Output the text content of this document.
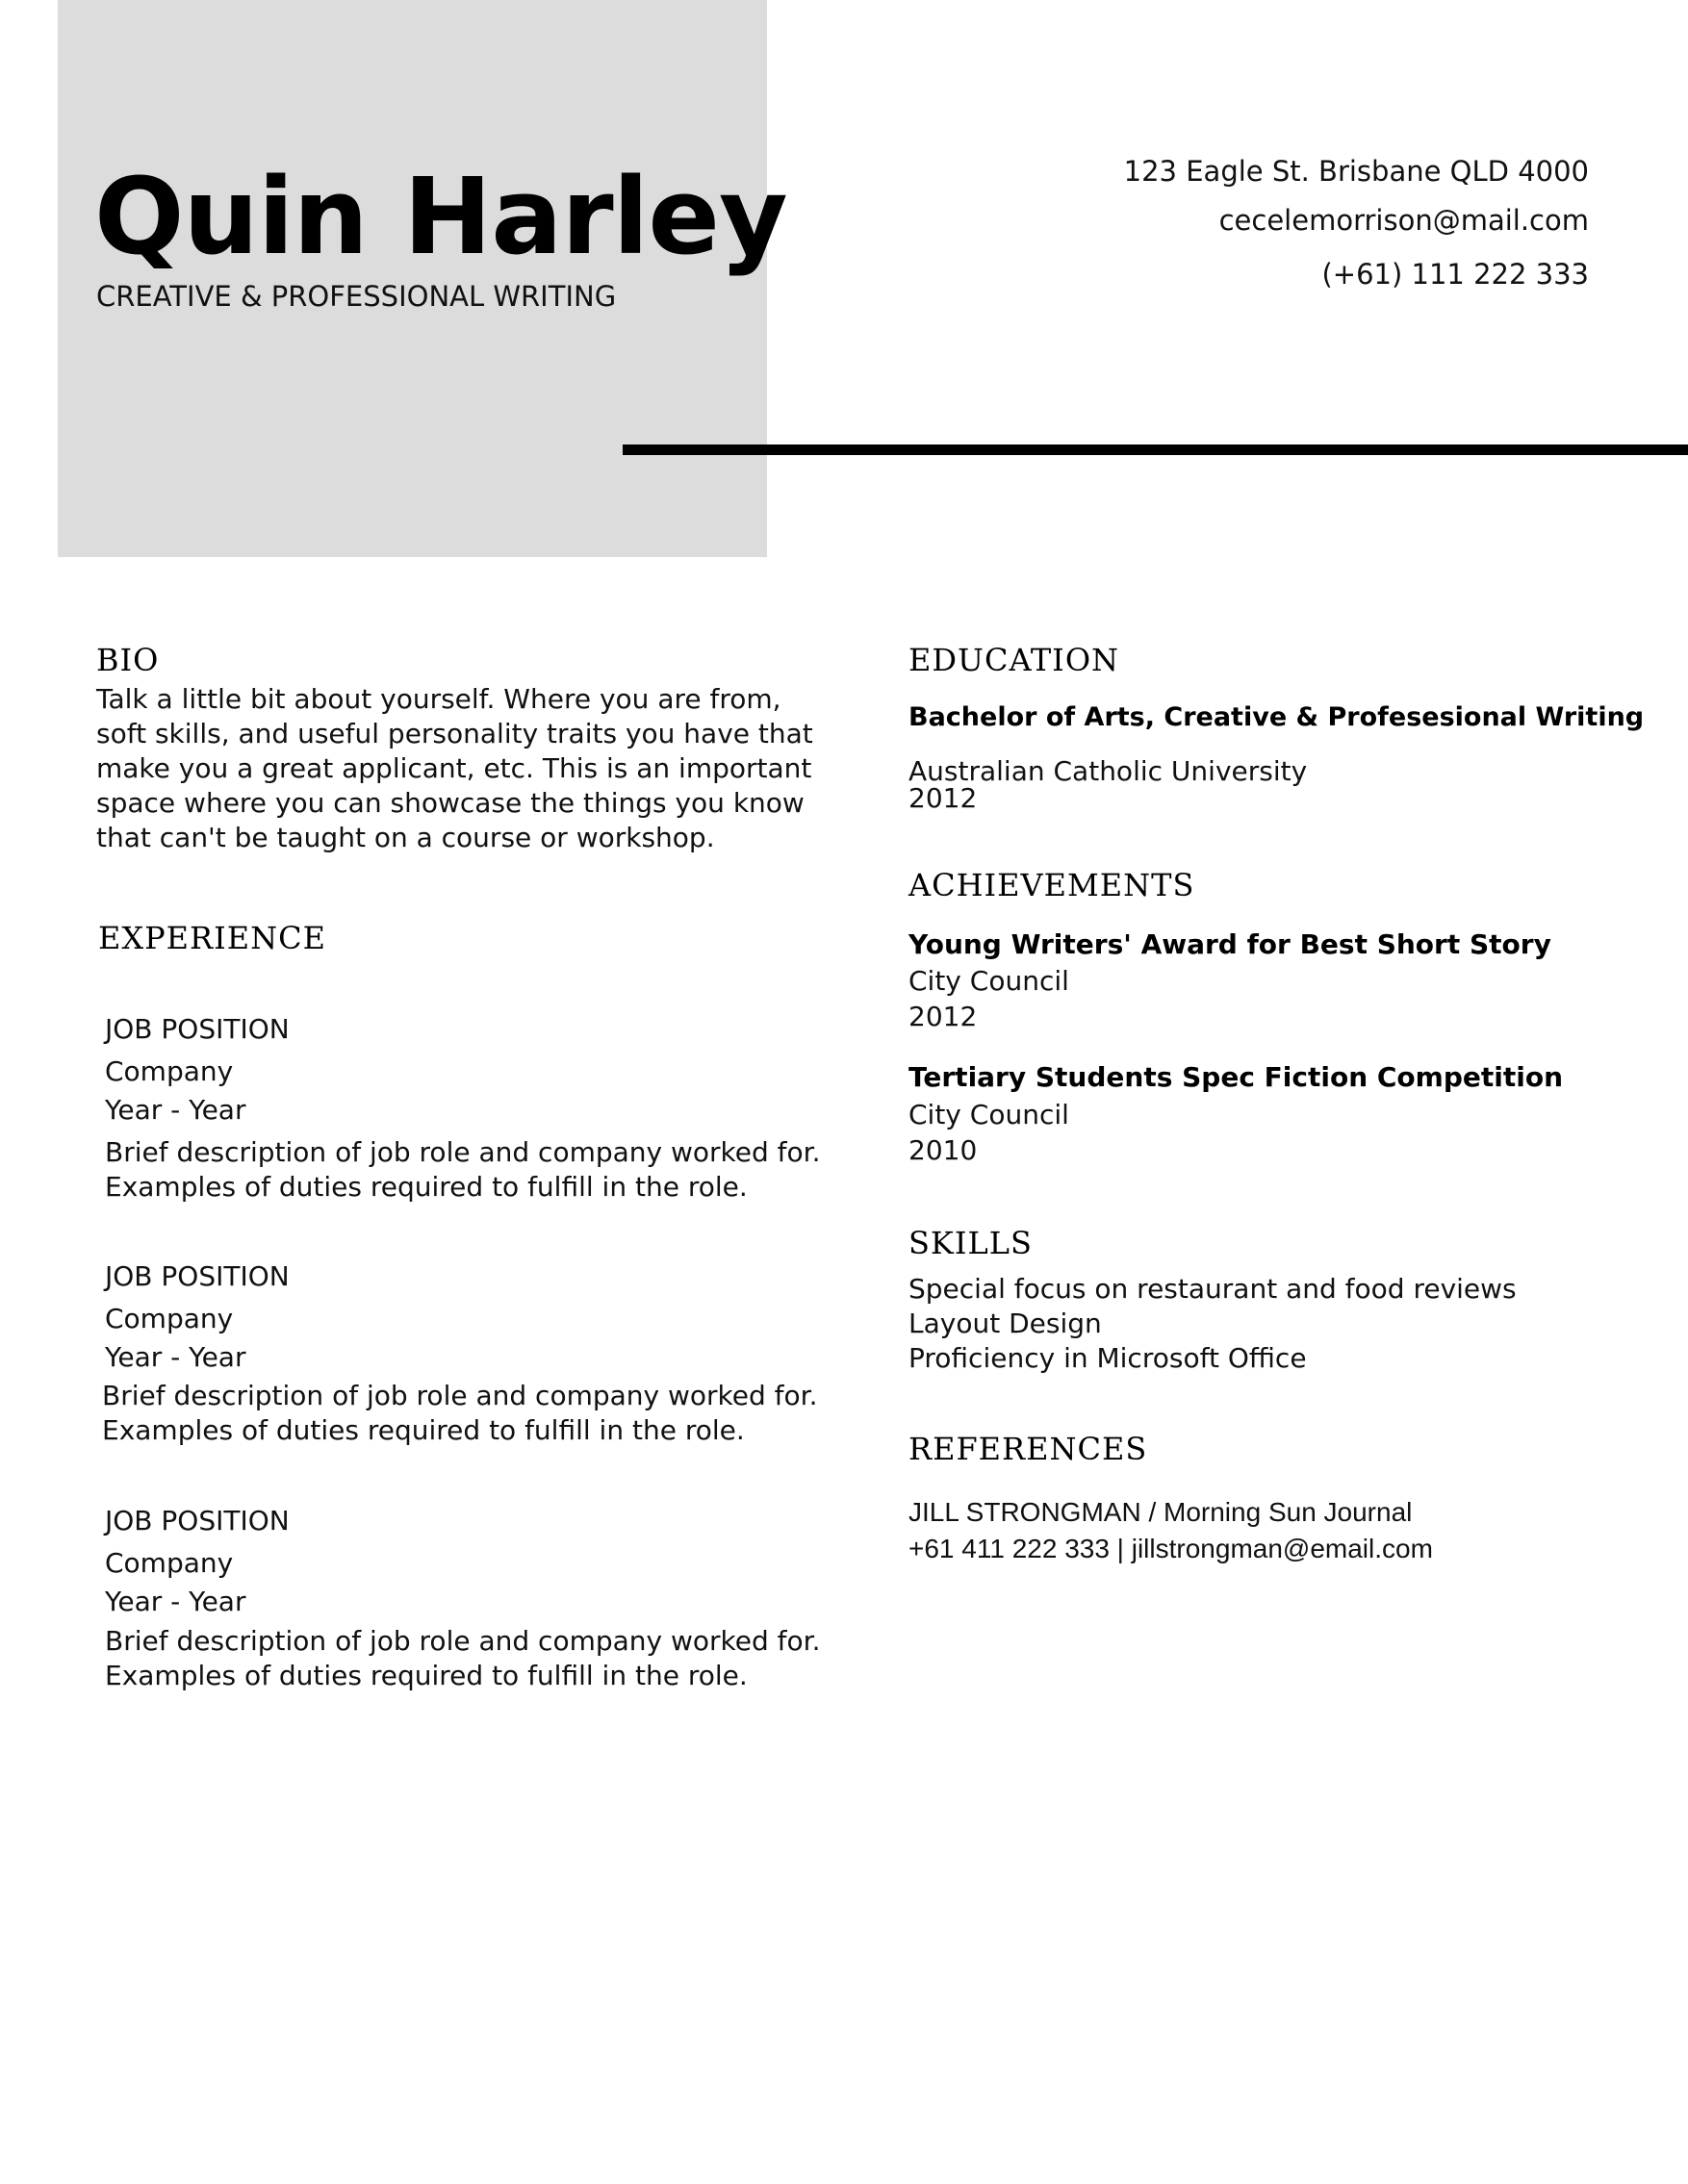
Quin Harley
CREATIVE & PROFESSIONAL WRITING
123 Eagle St. Brisbane QLD 4000
cecelemorrison@mail.com
(+61) 111 222 333
BIO
Talk a little bit about yourself. Where you are from,
soft skills, and useful personality traits you have that
make you a great applicant, etc. This is an important
space where you can showcase the things you know
that can't be taught on a course or workshop.
EXPERIENCE
JOB POSITION
Company
Year - Year
Brief description of job role and company worked for.
Examples of duties required to fulfill in the role.
JOB POSITION
Company
Year - Year
Brief description of job role and company worked for.
Examples of duties required to fulfill in the role.
JOB POSITION
Company
Year - Year
Brief description of job role and company worked for.
Examples of duties required to fulfill in the role.
EDUCATION
Bachelor of Arts, Creative & Profesesional Writing
Australian Catholic University
2012
ACHIEVEMENTS
Young Writers' Award for Best Short Story
City Council
2012
Tertiary Students Spec Fiction Competition
City Council
2010
SKILLS
Special focus on restaurant and food reviews
Layout Design
Proficiency in Microsoft Office
REFERENCES
JILL STRONGMAN / Morning Sun Journal
+61 411 222 333 | jillstrongman@email.com
